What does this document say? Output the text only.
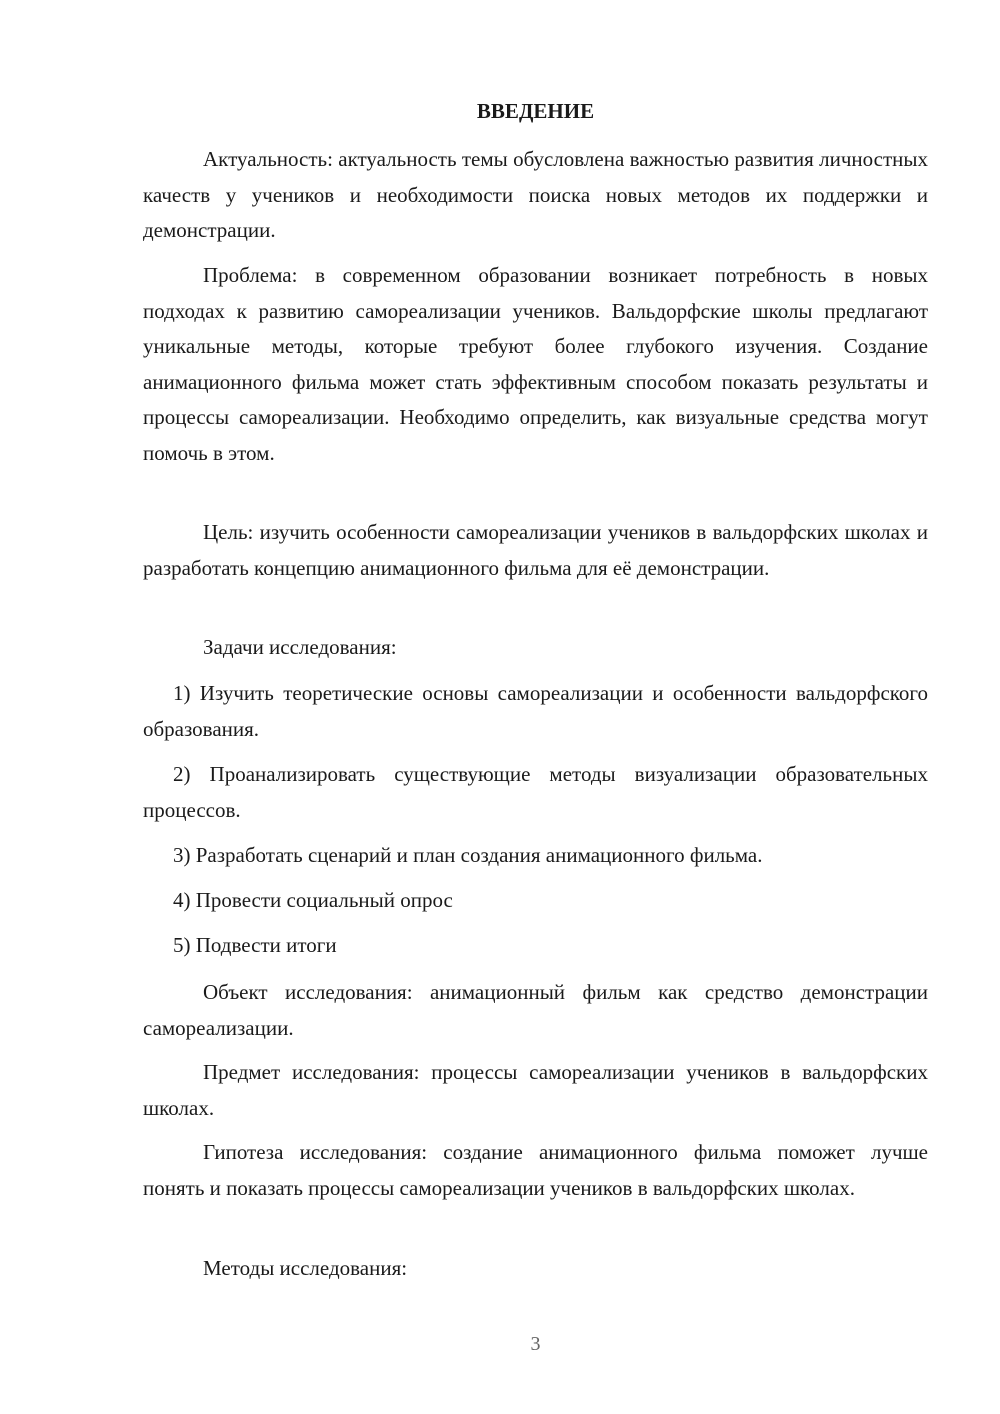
ВВЕДЕНИЕ

Актуальность: актуальность темы обусловлена важностью развития личностных качеств у учеников и необходимости поиска новых методов их поддержки и демонстрации.

Проблема: в современном образовании возникает потребность в новых подходах к развитию самореализации учеников. Вальдорфские школы предлагают уникальные методы, которые требуют более глубокого изучения. Создание анимационного фильма может стать эффективным способом показать результаты и процессы самореализации. Необходимо определить, как визуальные средства могут помочь в этом.

Цель: изучить особенности самореализации учеников в вальдорфских школах и разработать концепцию анимационного фильма для её демонстрации.

Задачи исследования:

1) Изучить теоретические основы самореализации и особенности вальдорфского образования.

2) Проанализировать существующие методы визуализации образовательных процессов.

3) Разработать сценарий и план создания анимационного фильма.

4) Провести социальный опрос

5) Подвести итоги

Объект исследования: анимационный фильм как средство демонстрации самореализации.

Предмет исследования: процессы самореализации учеников в вальдорфских школах.

Гипотеза исследования: создание анимационного фильма поможет лучше понять и показать процессы самореализации учеников в вальдорфских школах.

Методы исследования:

3
